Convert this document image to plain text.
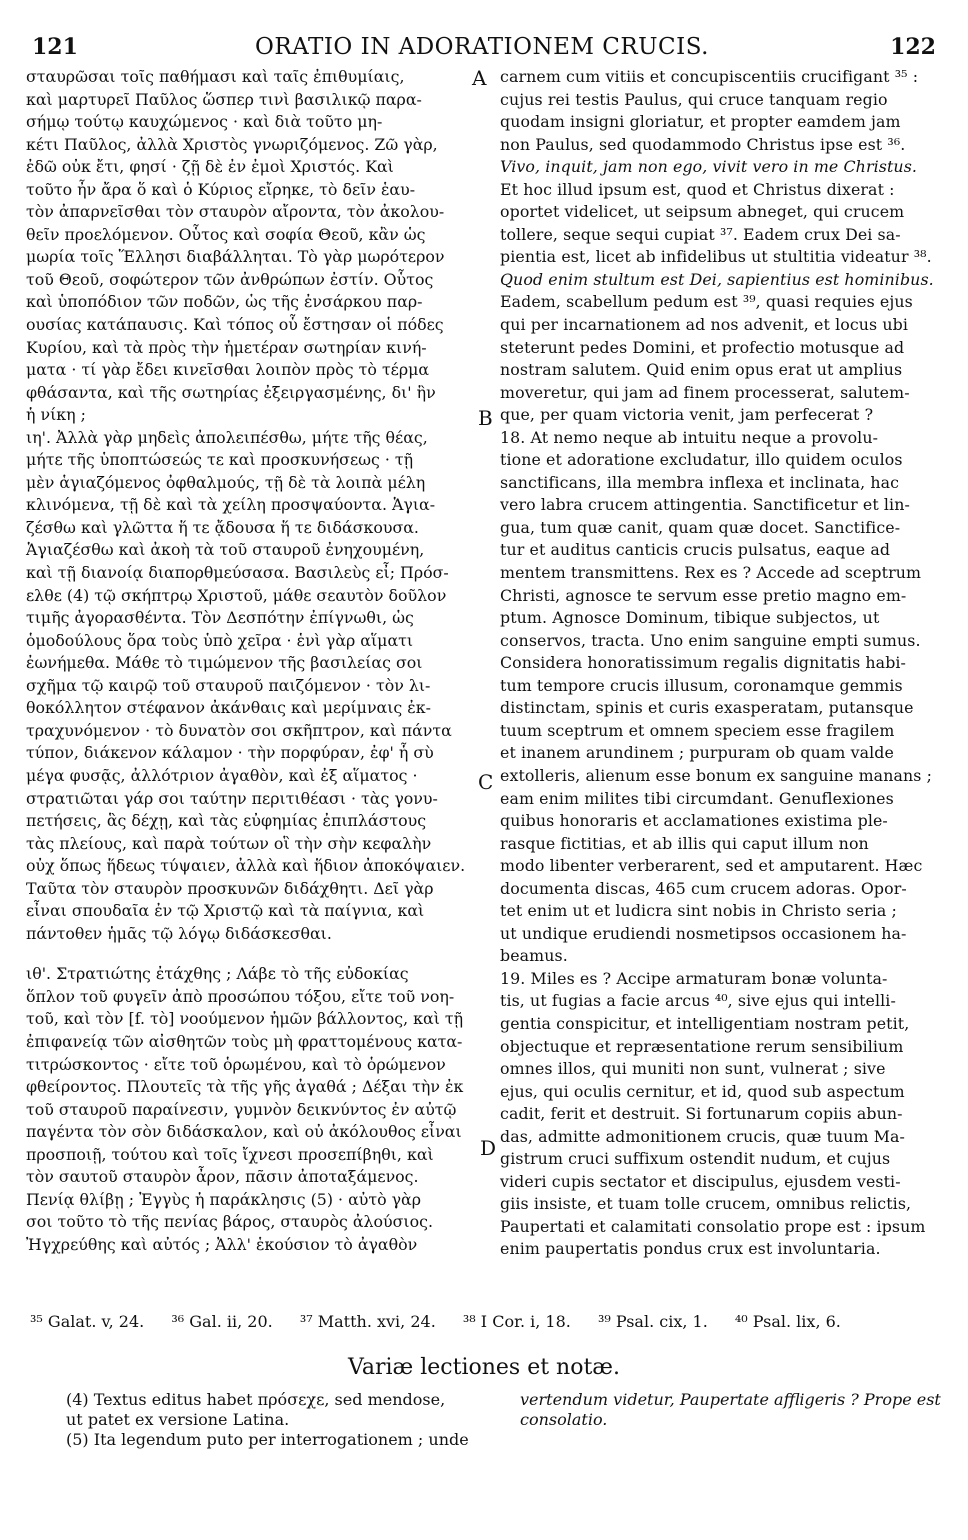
121	ORATIO IN ADORATIONEM CRUCIS.	122
σταυρῶσαι τοῖς παθήμασι καὶ ταῖς ἐπιθυμίαις,
καὶ μαρτυρεῖ Παῦλος ὥσπερ τινὶ βασιλικῷ παρα-
σήμῳ τούτῳ καυχώμενος · καὶ διὰ τοῦτο μη-
κέτι Παῦλος, ἀλλὰ Χριστὸς γνωριζόμενος. Ζῶ γὰρ,
ἐδῶ οὐκ ἔτι, φησί · ζῇ δὲ ἐν ἐμοὶ Χριστός. Καὶ
τοῦτο ἦν ἄρα ὅ καὶ ὁ Κύριος εἴρηκε, τὸ δεῖν ἑαυ-
τὸν ἀπαρνεῖσθαι τὸν σταυρὸν αἴροντα, τὸν ἀκολου-
θεῖν προελόμενον. Οὗτος καὶ σοφία Θεοῦ, κἂν ὡς
μωρία τοῖς Ἕλλησι διαβάλληται. Τὸ γὰρ μωρότερον
τοῦ Θεοῦ, σοφώτερον τῶν ἀνθρώπων ἐστίν. Οὗτος
καὶ ὑποπόδιον τῶν ποδῶν, ὡς τῆς ἐνσάρκου παρ-
ουσίας κατάπαυσις. Καὶ τόπος οὗ ἔστησαν οἱ πόδες
Κυρίου, καὶ τὰ πρὸς τὴν ἡμετέραν σωτηρίαν κινή-
ματα · τί γὰρ ἔδει κινεῖσθαι λοιπὸν πρὸς τὸ τέρμα
φθάσαντα, καὶ τῆς σωτηρίας ἐξειργασμένης, δι' ἣν
ἡ νίκη ;
ιη'. Ἀλλὰ γὰρ μηδεὶς ἀπολειπέσθω, μήτε τῆς θέας,
μήτε τῆς ὑποπτώσεώς τε καὶ προσκυνήσεως · τῇ
μὲν ἁγιαζόμενος ὀφθαλμούς, τῇ δὲ τὰ λοιπὰ μέλη
κλινόμενα, τῇ δὲ καὶ τὰ χείλη προσψαύοντα. Ἁγια-
ζέσθω καὶ γλῶττα ἥ τε ᾄδουσα ἥ τε διδάσκουσα.
Ἁγιαζέσθω καὶ ἀκοὴ τὰ τοῦ σταυροῦ ἐνηχουμένη,
καὶ τῇ διανοίᾳ διαπορθμεύσασα. Βασιλεὺς εἶ; Πρόσ-
ελθε (4) τῷ σκήπτρῳ Χριστοῦ, μάθε σεαυτὸν δοῦλον
τιμῆς ἀγορασθέντα. Τὸν Δεσπότην ἐπίγνωθι, ὡς
ὁμοδούλους ὅρα τοὺς ὑπὸ χεῖρα · ἑνὶ γὰρ αἵματι
ἐωνήμεθα. Μάθε τὸ τιμώμενον τῆς βασιλείας σοι
σχῆμα τῷ καιρῷ τοῦ σταυροῦ παιζόμενον · τὸν λι-
θοκόλλητον στέφανον ἀκάνθαις καὶ μερίμναις ἐκ-
τραχυνόμενον · τὸ δυνατὸν σοι σκῆπτρον, καὶ πάντα
τύπον, διάκενον κάλαμον · τὴν πορφύραν, ἐφ' ἧ σὺ
μέγα φυσᾷς, ἀλλότριον ἀγαθὸν, καὶ ἐξ αἵματος ·
στρατιῶται γάρ σοι ταύτην περιτιθέασι · τὰς γονυ-
πετήσεις, ἃς δέχῃ, καὶ τὰς εὐφημίας ἐπιπλάστους
τὰς πλείους, καὶ παρὰ τούτων οἳ τὴν σὴν κεφαλὴν
οὐχ ὅπως ἥδεως τύψαιεν, ἀλλὰ καὶ ἥδιον ἀποκόψαιεν.
Ταῦτα τὸν σταυρὸν προσκυνῶν διδάχθητι. Δεῖ γὰρ
εἶναι σπουδαῖα ἐν τῷ Χριστῷ καὶ τὰ παίγνια, καὶ
πάντοθεν ἡμᾶς τῷ λόγῳ διδάσκεσθαι.
ιθ'. Στρατιώτης ἐτάχθης ; Λάβε τὸ τῆς εὐδοκίας
ὅπλον τοῦ φυγεῖν ἀπὸ προσώπου τόξου, εἴτε τοῦ νοη-
τοῦ, καὶ τὸν [f. τὸ] νοούμενον ἡμῶν βάλλοντος, καὶ τῇ
ἐπιφανείᾳ τῶν αἰσθητῶν τοὺς μὴ φραττομένους κατα-
τιτρώσκοντος · εἴτε τοῦ ὁρωμένου, καὶ τὸ ὁρώμενον
φθείροντος. Πλουτεῖς τὰ τῆς γῆς ἀγαθά ; Δέξαι τὴν ἐκ
τοῦ σταυροῦ παραίνεσιν, γυμνὸν δεικνύντος ἐν αὐτῷ
παγέντα τὸν σὸν διδάσκαλον, καὶ οὐ ἀκόλουθος εἶναι
προσποιῇ, τούτου καὶ τοῖς ἴχνεσι προσεπίβηθι, καὶ
τὸν σαυτοῦ σταυρὸν ἆρον, πᾶσιν ἀποταξάμενος.
Πενίᾳ θλίβῃ ; Ἐγγὺς ἡ παράκλησις (5) · αὐτὸ γὰρ
σοι τοῦτο τὸ τῆς πενίας βάρος, σταυρὸς ἀλούσιος.
Ἠγχρεύθης καὶ αὐτός ; Ἀλλ' ἑκούσιον τὸ ἀγαθὸν
A
B
C
D
carnem cum vitiis et concupiscentiis crucifigant ³⁵ :
cujus rei testis Paulus, qui cruce tanquam regio
quodam insigni gloriatur, et propter eamdem jam
non Paulus, sed quodammodo Christus ipse est ³⁶.
Vivo, inquit, jam non ego, vivit vero in me Christus.
Et hoc illud ipsum est, quod et Christus dixerat :
oportet videlicet, ut seipsum abneget, qui crucem
tollere, seque sequi cupiat ³⁷. Eadem crux Dei sa-
pientia est, licet ab infidelibus ut stultitia videatur ³⁸.
Quod enim stultum est Dei, sapientius est hominibus.
Eadem, scabellum pedum est ³⁹, quasi requies ejus
qui per incarnationem ad nos advenit, et locus ubi
steterunt pedes Domini, et profectio motusque ad
nostram salutem. Quid enim opus erat ut amplius
moveretur, qui jam ad finem processerat, salutem-
que, per quam victoria venit, jam perfecerat ?
18. At nemo neque ab intuitu neque a provolu-
tione et adoratione excludatur, illo quidem oculos
sanctificans, illa membra inflexa et inclinata, hac
vero labra crucem attingentia. Sanctificetur et lin-
gua, tum quæ canit, quam quæ docet. Sanctifice-
tur et auditus canticis crucis pulsatus, eaque ad
mentem transmittens. Rex es ? Accede ad sceptrum
Christi, agnosce te servum esse pretio magno em-
ptum. Agnosce Dominum, tibique subjectos, ut
conservos, tracta. Uno enim sanguine empti sumus.
Considera honoratissimum regalis dignitatis habi-
tum tempore crucis illusum, coronamque gemmis
distinctam, spinis et curis exasperatam, putansque
tuum sceptrum et omnem speciem esse fragilem
et inanem arundinem ; purpuram ob quam valde
extolleris, alienum esse bonum ex sanguine manans ;
eam enim milites tibi circumdant. Genuflexiones
quibus honoraris et acclamationes existima ple-
rasque fictitias, et ab illis qui caput illum non
modo libenter verberarent, sed et amputarent. Hæc
documenta discas, 465 cum crucem adoras. Opor-
tet enim ut et ludicra sint nobis in Christo seria ;
ut undique erudiendi nosmetipsos occasionem ha-
beamus.
19. Miles es ? Accipe armaturam bonæ volunta-
tis, ut fugias a facie arcus ⁴⁰, sive ejus qui intelli-
gentia conspicitur, et intelligentiam nostram petit,
objectuque et repræsentatione rerum sensibilium
omnes illos, qui muniti non sunt, vulnerat ; sive
ejus, qui oculis cernitur, et id, quod sub aspectum
cadit, ferit et destruit. Si fortunarum copiis abun-
das, admitte admonitionem crucis, quæ tuum Ma-
gistrum cruci suffixum ostendit nudum, et cujus
videri cupis sectator et discipulus, ejusdem vesti-
giis insiste, et tuam tolle crucem, omnibus relictis,
Paupertati et calamitati consolatio prope est : ipsum
enim paupertatis pondus crux est involuntaria.
³⁵ Galat. v, 24. ³⁶ Gal. ii, 20. ³⁷ Matth. xvi, 24. ³⁸ I Cor. i, 18. ³⁹ Psal. cix, 1. ⁴⁰ Psal. lix, 6.
Variæ lectiones et notæ.
(4) Textus editus habet πρόσεχε, sed mendose,
ut patet ex versione Latina.
(5) Ita legendum puto per interrogationem ; unde
vertendum videtur, Paupertate affligeris ? Prope est
consolatio.
